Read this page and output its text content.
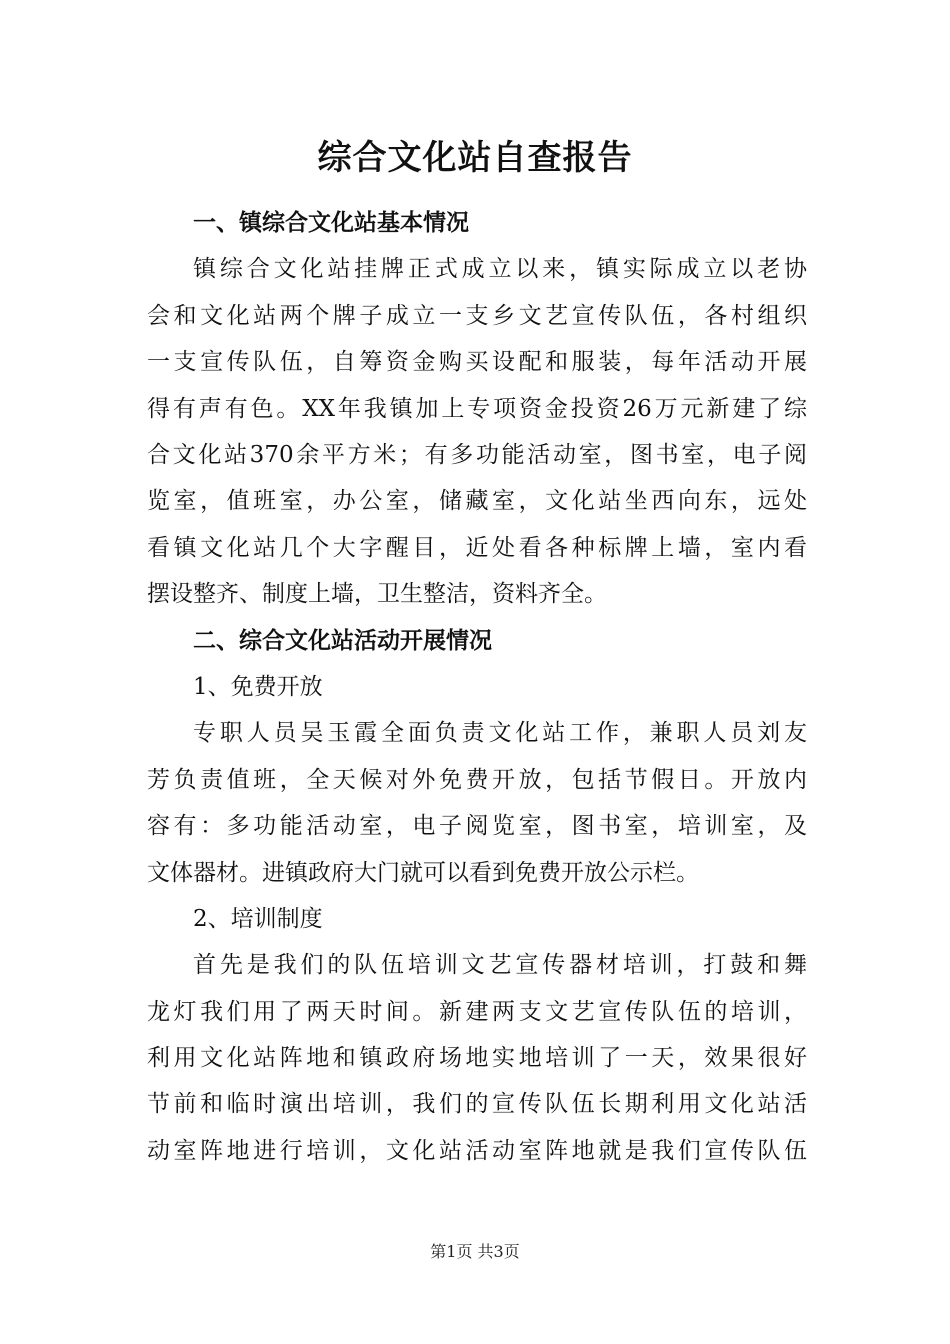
综合文化站自查报告
一、镇综合文化站基本情况
镇综合文化站挂牌正式成立以来，镇实际成立以老协
会和文化站两个牌子成立一支乡文艺宣传队伍，各村组织
一支宣传队伍，自筹资金购买设配和服装，每年活动开展
得有声有色。XX年我镇加上专项资金投资26万元新建了综
合文化站370余平方米；有多功能活动室，图书室，电子阅
览室，值班室，办公室，储藏室，文化站坐西向东，远处
看镇文化站几个大字醒目，近处看各种标牌上墙，室内看
摆设整齐、制度上墙，卫生整洁，资料齐全。
二、综合文化站活动开展情况
1、免费开放
专职人员吴玉霞全面负责文化站工作，兼职人员刘友
芳负责值班，全天候对外免费开放，包括节假日。开放内
容有：多功能活动室，电子阅览室，图书室，培训室，及
文体器材。进镇政府大门就可以看到免费开放公示栏。
2、培训制度
首先是我们的队伍培训文艺宣传器材培训，打鼓和舞
龙灯我们用了两天时间。新建两支文艺宣传队伍的培训，
利用文化站阵地和镇政府场地实地培训了一天，效果很好
节前和临时演出培训，我们的宣传队伍长期利用文化站活
动室阵地进行培训，文化站活动室阵地就是我们宣传队伍
第1页 共3页
